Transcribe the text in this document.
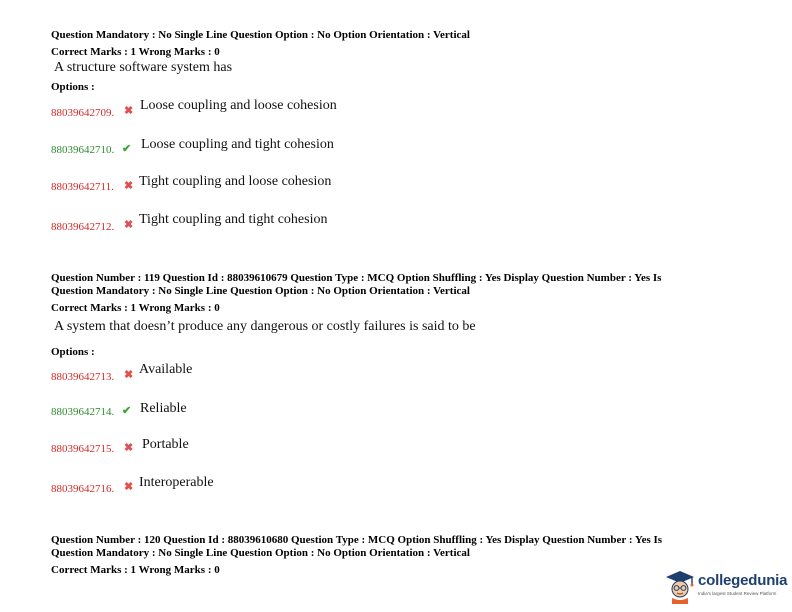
Question Mandatory : No Single Line Question Option : No Option Orientation : Vertical
Correct Marks : 1 Wrong Marks : 0
A structure software system has
Options :
88039642709. ✖ Loose coupling and loose cohesion
88039642710. ✔ Loose coupling and tight cohesion
88039642711. ✖ Tight coupling and loose cohesion
88039642712. ✖ Tight coupling and tight cohesion
Question Number : 119 Question Id : 88039610679 Question Type : MCQ Option Shuffling : Yes Display Question Number : Yes Is
Question Mandatory : No Single Line Question Option : No Option Orientation : Vertical
Correct Marks : 1 Wrong Marks : 0
A system that doesn’t produce any dangerous or costly failures is said to be
Options :
88039642713. ✖ Available
88039642714. ✔ Reliable
88039642715. ✖ Portable
88039642716. ✖ Interoperable
Question Number : 120 Question Id : 88039610680 Question Type : MCQ Option Shuffling : Yes Display Question Number : Yes Is
Question Mandatory : No Single Line Question Option : No Option Orientation : Vertical
Correct Marks : 1 Wrong Marks : 0
collegedunia
India's largest Student Review Platform
